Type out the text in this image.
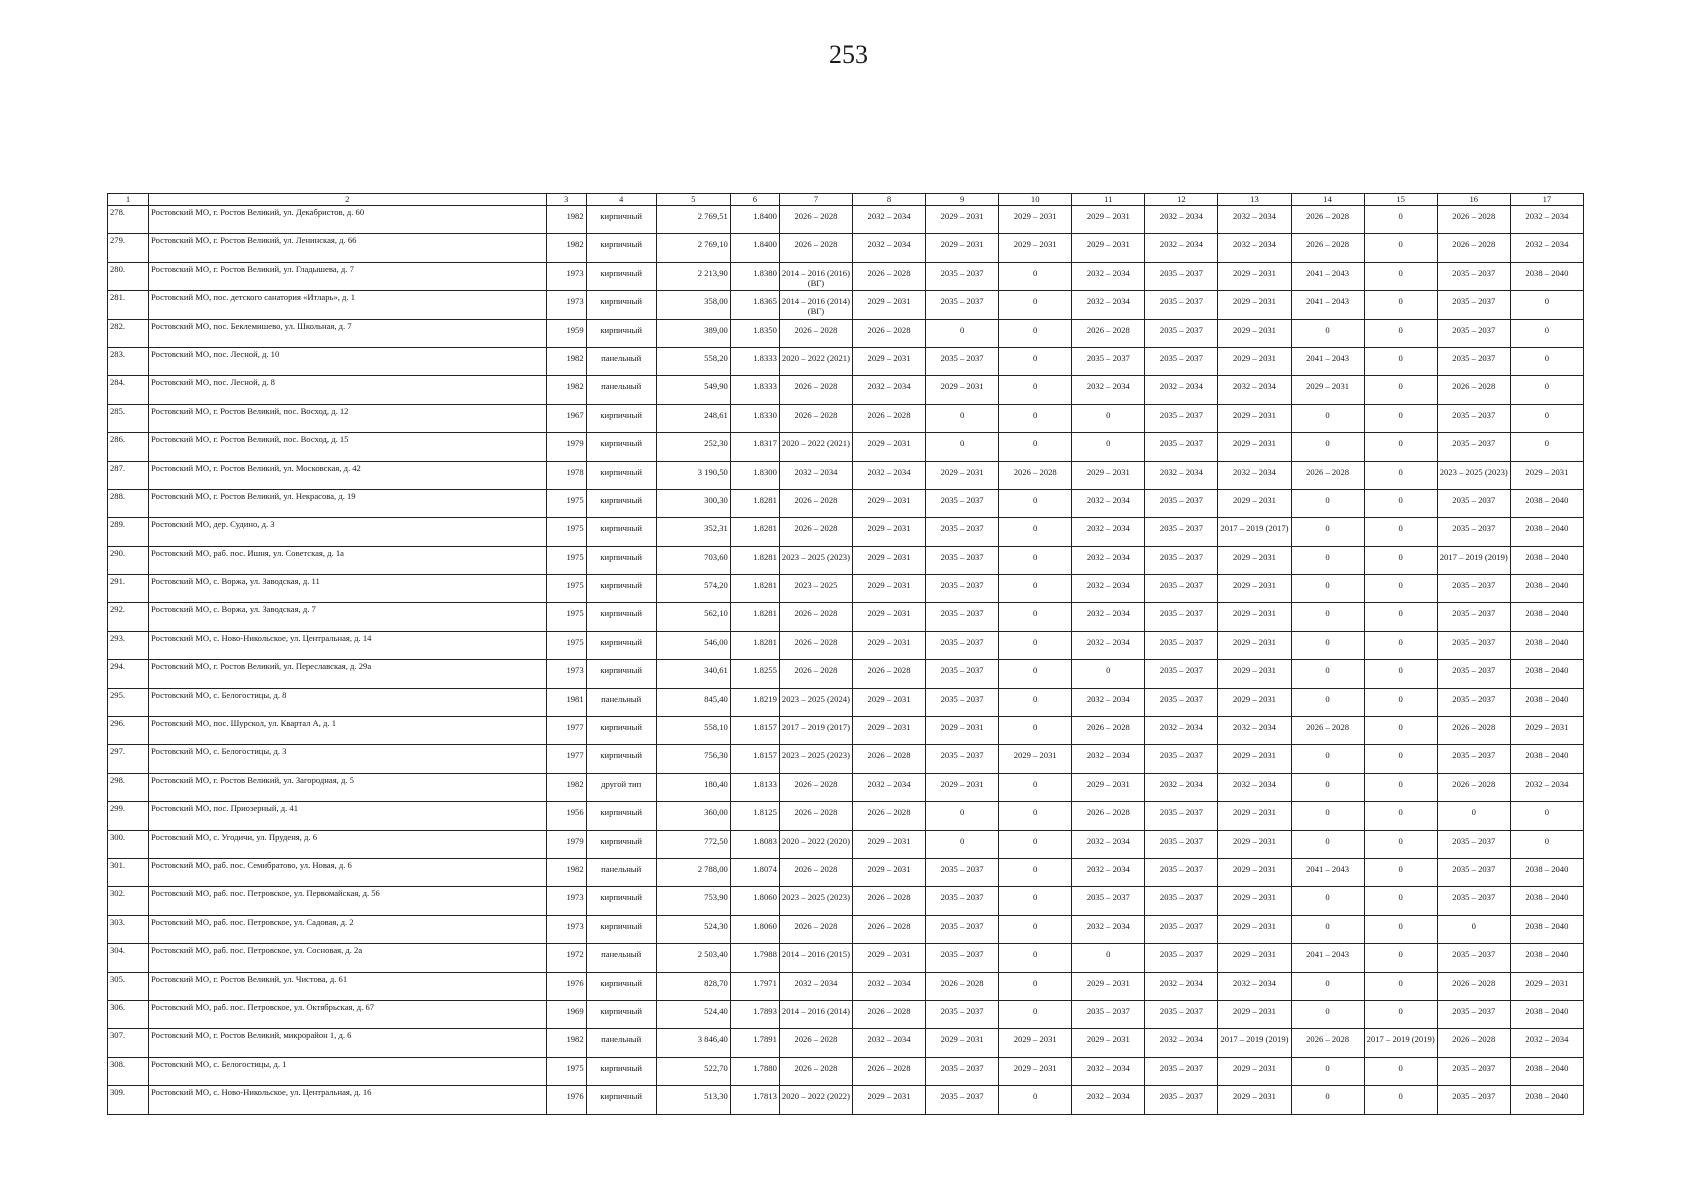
253
1	2	3	4	5	6	7	8	9	10	11	12	13	14	15	16	17

278.	Ростовский МО, г. Ростов Великий, ул. Декабристов, д. 60	1982	кирпичный	2 769,51	1.8400	2026 – 2028	2032 – 2034	2029 – 2031	2029 – 2031	2029 – 2031	2032 – 2034	2032 – 2034	2026 – 2028	0	2026 – 2028	2032 – 2034

279.	Ростовский МО, г. Ростов Великий, ул. Ленинская, д. 66	1982	кирпичный	2 769,10	1.8400	2026 – 2028	2032 – 2034	2029 – 2031	2029 – 2031	2029 – 2031	2032 – 2034	2032 – 2034	2026 – 2028	0	2026 – 2028	2032 – 2034

280.	Ростовский МО, г. Ростов Великий, ул. Гладышева, д. 7	1973	кирпичный	2 213,90	1.8380	2014 – 2016 (2016) (ВГ)	2026 – 2028	2035 – 2037	0	2032 – 2034	2035 – 2037	2029 – 2031	2041 – 2043	0	2035 – 2037	2038 – 2040

281.	Ростовский МО, пос. детского санатория «Итларь», д. 1	1973	кирпичный	358,00	1.8365	2014 – 2016 (2014) (ВГ)	2029 – 2031	2035 – 2037	0	2032 – 2034	2035 – 2037	2029 – 2031	2041 – 2043	0	2035 – 2037	0

282.	Ростовский МО, пос. Беклемишево, ул. Школьная, д. 7	1959	кирпичный	389,00	1.8350	2026 – 2028	2026 – 2028	0	0	2026 – 2028	2035 – 2037	2029 – 2031	0	0	2035 – 2037	0

283.	Ростовский МО, пос. Лесной, д. 10	1982	панельный	558,20	1.8333	2020 – 2022 (2021)	2029 – 2031	2035 – 2037	0	2035 – 2037	2035 – 2037	2029 – 2031	2041 – 2043	0	2035 – 2037	0

284.	Ростовский МО, пос. Лесной, д. 8	1982	панельный	549,90	1.8333	2026 – 2028	2032 – 2034	2029 – 2031	0	2032 – 2034	2032 – 2034	2032 – 2034	2029 – 2031	0	2026 – 2028	0

285.	Ростовский МО, г. Ростов Великий, пос. Восход, д. 12	1967	кирпичный	248,61	1.8330	2026 – 2028	2026 – 2028	0	0	0	2035 – 2037	2029 – 2031	0	0	2035 – 2037	0

286.	Ростовский МО, г. Ростов Великий, пос. Восход, д. 15	1979	кирпичный	252,30	1.8317	2020 – 2022 (2021)	2029 – 2031	0	0	0	2035 – 2037	2029 – 2031	0	0	2035 – 2037	0

287.	Ростовский МО, г. Ростов Великий, ул. Московская, д. 42	1978	кирпичный	3 190,50	1.8300	2032 – 2034	2032 – 2034	2029 – 2031	2026 – 2028	2029 – 2031	2032 – 2034	2032 – 2034	2026 – 2028	0	2023 – 2025 (2023)	2029 – 2031

288.	Ростовский МО, г. Ростов Великий, ул. Некрасова, д. 19	1975	кирпичный	300,30	1.8281	2026 – 2028	2029 – 2031	2035 – 2037	0	2032 – 2034	2035 – 2037	2029 – 2031	0	0	2035 – 2037	2038 – 2040

289.	Ростовский МО, дер. Судино, д. 3	1975	кирпичный	352,31	1.8281	2026 – 2028	2029 – 2031	2035 – 2037	0	2032 – 2034	2035 – 2037	2017 – 2019 (2017)	0	0	2035 – 2037	2038 – 2040

290.	Ростовский МО, раб. пос. Ишня, ул. Советская, д. 1а	1975	кирпичный	703,60	1.8281	2023 – 2025 (2023)	2029 – 2031	2035 – 2037	0	2032 – 2034	2035 – 2037	2029 – 2031	0	0	2017 – 2019 (2019)	2038 – 2040

291.	Ростовский МО, с. Воржа, ул. Заводская, д. 11	1975	кирпичный	574,20	1.8281	2023 – 2025	2029 – 2031	2035 – 2037	0	2032 – 2034	2035 – 2037	2029 – 2031	0	0	2035 – 2037	2038 – 2040

292.	Ростовский МО, с. Воржа, ул. Заводская, д. 7	1975	кирпичный	562,10	1.8281	2026 – 2028	2029 – 2031	2035 – 2037	0	2032 – 2034	2035 – 2037	2029 – 2031	0	0	2035 – 2037	2038 – 2040

293.	Ростовский МО, с. Ново-Никольское, ул. Центральная, д. 14	1975	кирпичный	546,00	1.8281	2026 – 2028	2029 – 2031	2035 – 2037	0	2032 – 2034	2035 – 2037	2029 – 2031	0	0	2035 – 2037	2038 – 2040

294.	Ростовский МО, г. Ростов Великий, ул. Переславская, д. 29а	1973	кирпичный	340,61	1.8255	2026 – 2028	2026 – 2028	2035 – 2037	0	0	2035 – 2037	2029 – 2031	0	0	2035 – 2037	2038 – 2040

295.	Ростовский МО, с. Белогостицы, д. 8	1981	панельный	845,40	1.8219	2023 – 2025 (2024)	2029 – 2031	2035 – 2037	0	2032 – 2034	2035 – 2037	2029 – 2031	0	0	2035 – 2037	2038 – 2040

296.	Ростовский МО, пос. Шурскол, ул. Квартал А, д. 1	1977	кирпичный	558,10	1.8157	2017 – 2019 (2017)	2029 – 2031	2029 – 2031	0	2026 – 2028	2032 – 2034	2032 – 2034	2026 – 2028	0	2026 – 2028	2029 – 2031

297.	Ростовский МО, с. Белогостицы, д. 3	1977	кирпичный	756,30	1.8157	2023 – 2025 (2023)	2026 – 2028	2035 – 2037	2029 – 2031	2032 – 2034	2035 – 2037	2029 – 2031	0	0	2035 – 2037	2038 – 2040

298.	Ростовский МО, г. Ростов Великий, ул. Загородная, д. 5	1982	другой тип	180,40	1.8133	2026 – 2028	2032 – 2034	2029 – 2031	0	2029 – 2031	2032 – 2034	2032 – 2034	0	0	2026 – 2028	2032 – 2034

299.	Ростовский МО, пос. Приозерный, д. 41	1956	кирпичный	360,00	1.8125	2026 – 2028	2026 – 2028	0	0	2026 – 2028	2035 – 2037	2029 – 2031	0	0	0	0

300.	Ростовский МО, с. Угодичи, ул. Пруденя, д. 6	1979	кирпичный	772,50	1.8083	2020 – 2022 (2020)	2029 – 2031	0	0	2032 – 2034	2035 – 2037	2029 – 2031	0	0	2035 – 2037	0

301.	Ростовский МО, раб. пос. Семибратово, ул. Новая, д. 6	1982	панельный	2 788,00	1.8074	2026 – 2028	2029 – 2031	2035 – 2037	0	2032 – 2034	2035 – 2037	2029 – 2031	2041 – 2043	0	2035 – 2037	2038 – 2040

302.	Ростовский МО, раб. пос. Петровское, ул. Первомайская, д. 56	1973	кирпичный	753,90	1.8060	2023 – 2025 (2023)	2026 – 2028	2035 – 2037	0	2035 – 2037	2035 – 2037	2029 – 2031	0	0	2035 – 2037	2038 – 2040

303.	Ростовский МО, раб. пос. Петровское, ул. Садовая, д. 2	1973	кирпичный	524,30	1.8060	2026 – 2028	2026 – 2028	2035 – 2037	0	2032 – 2034	2035 – 2037	2029 – 2031	0	0	0	2038 – 2040

304.	Ростовский МО, раб. пос. Петровское, ул. Сосновая, д. 2а	1972	панельный	2 503,40	1.7988	2014 – 2016 (2015)	2029 – 2031	2035 – 2037	0	0	2035 – 2037	2029 – 2031	2041 – 2043	0	2035 – 2037	2038 – 2040

305.	Ростовский МО, г. Ростов Великий, ул. Чистова, д. 61	1976	кирпичный	828,70	1.7971	2032 – 2034	2032 – 2034	2026 – 2028	0	2029 – 2031	2032 – 2034	2032 – 2034	0	0	2026 – 2028	2029 – 2031

306.	Ростовский МО, раб. пос. Петровское, ул. Октябрьская, д. 67	1969	кирпичный	524,40	1.7893	2014 – 2016 (2014)	2026 – 2028	2035 – 2037	0	2035 – 2037	2035 – 2037	2029 – 2031	0	0	2035 – 2037	2038 – 2040

307.	Ростовский МО, г. Ростов Великий, микрорайон 1, д. 6	1982	панельный	3 846,40	1.7891	2026 – 2028	2032 – 2034	2029 – 2031	2029 – 2031	2029 – 2031	2032 – 2034	2017 – 2019 (2019)	2026 – 2028	2017 – 2019 (2019)	2026 – 2028	2032 – 2034

308.	Ростовский МО, с. Белогостицы, д. 1	1975	кирпичный	522,70	1.7880	2026 – 2028	2026 – 2028	2035 – 2037	2029 – 2031	2032 – 2034	2035 – 2037	2029 – 2031	0	0	2035 – 2037	2038 – 2040

309.	Ростовский МО, с. Ново-Никольское, ул. Центральная, д. 16	1976	кирпичный	513,30	1.7813	2020 – 2022 (2022)	2029 – 2031	2035 – 2037	0	2032 – 2034	2035 – 2037	2029 – 2031	0	0	2035 – 2037	2038 – 2040
